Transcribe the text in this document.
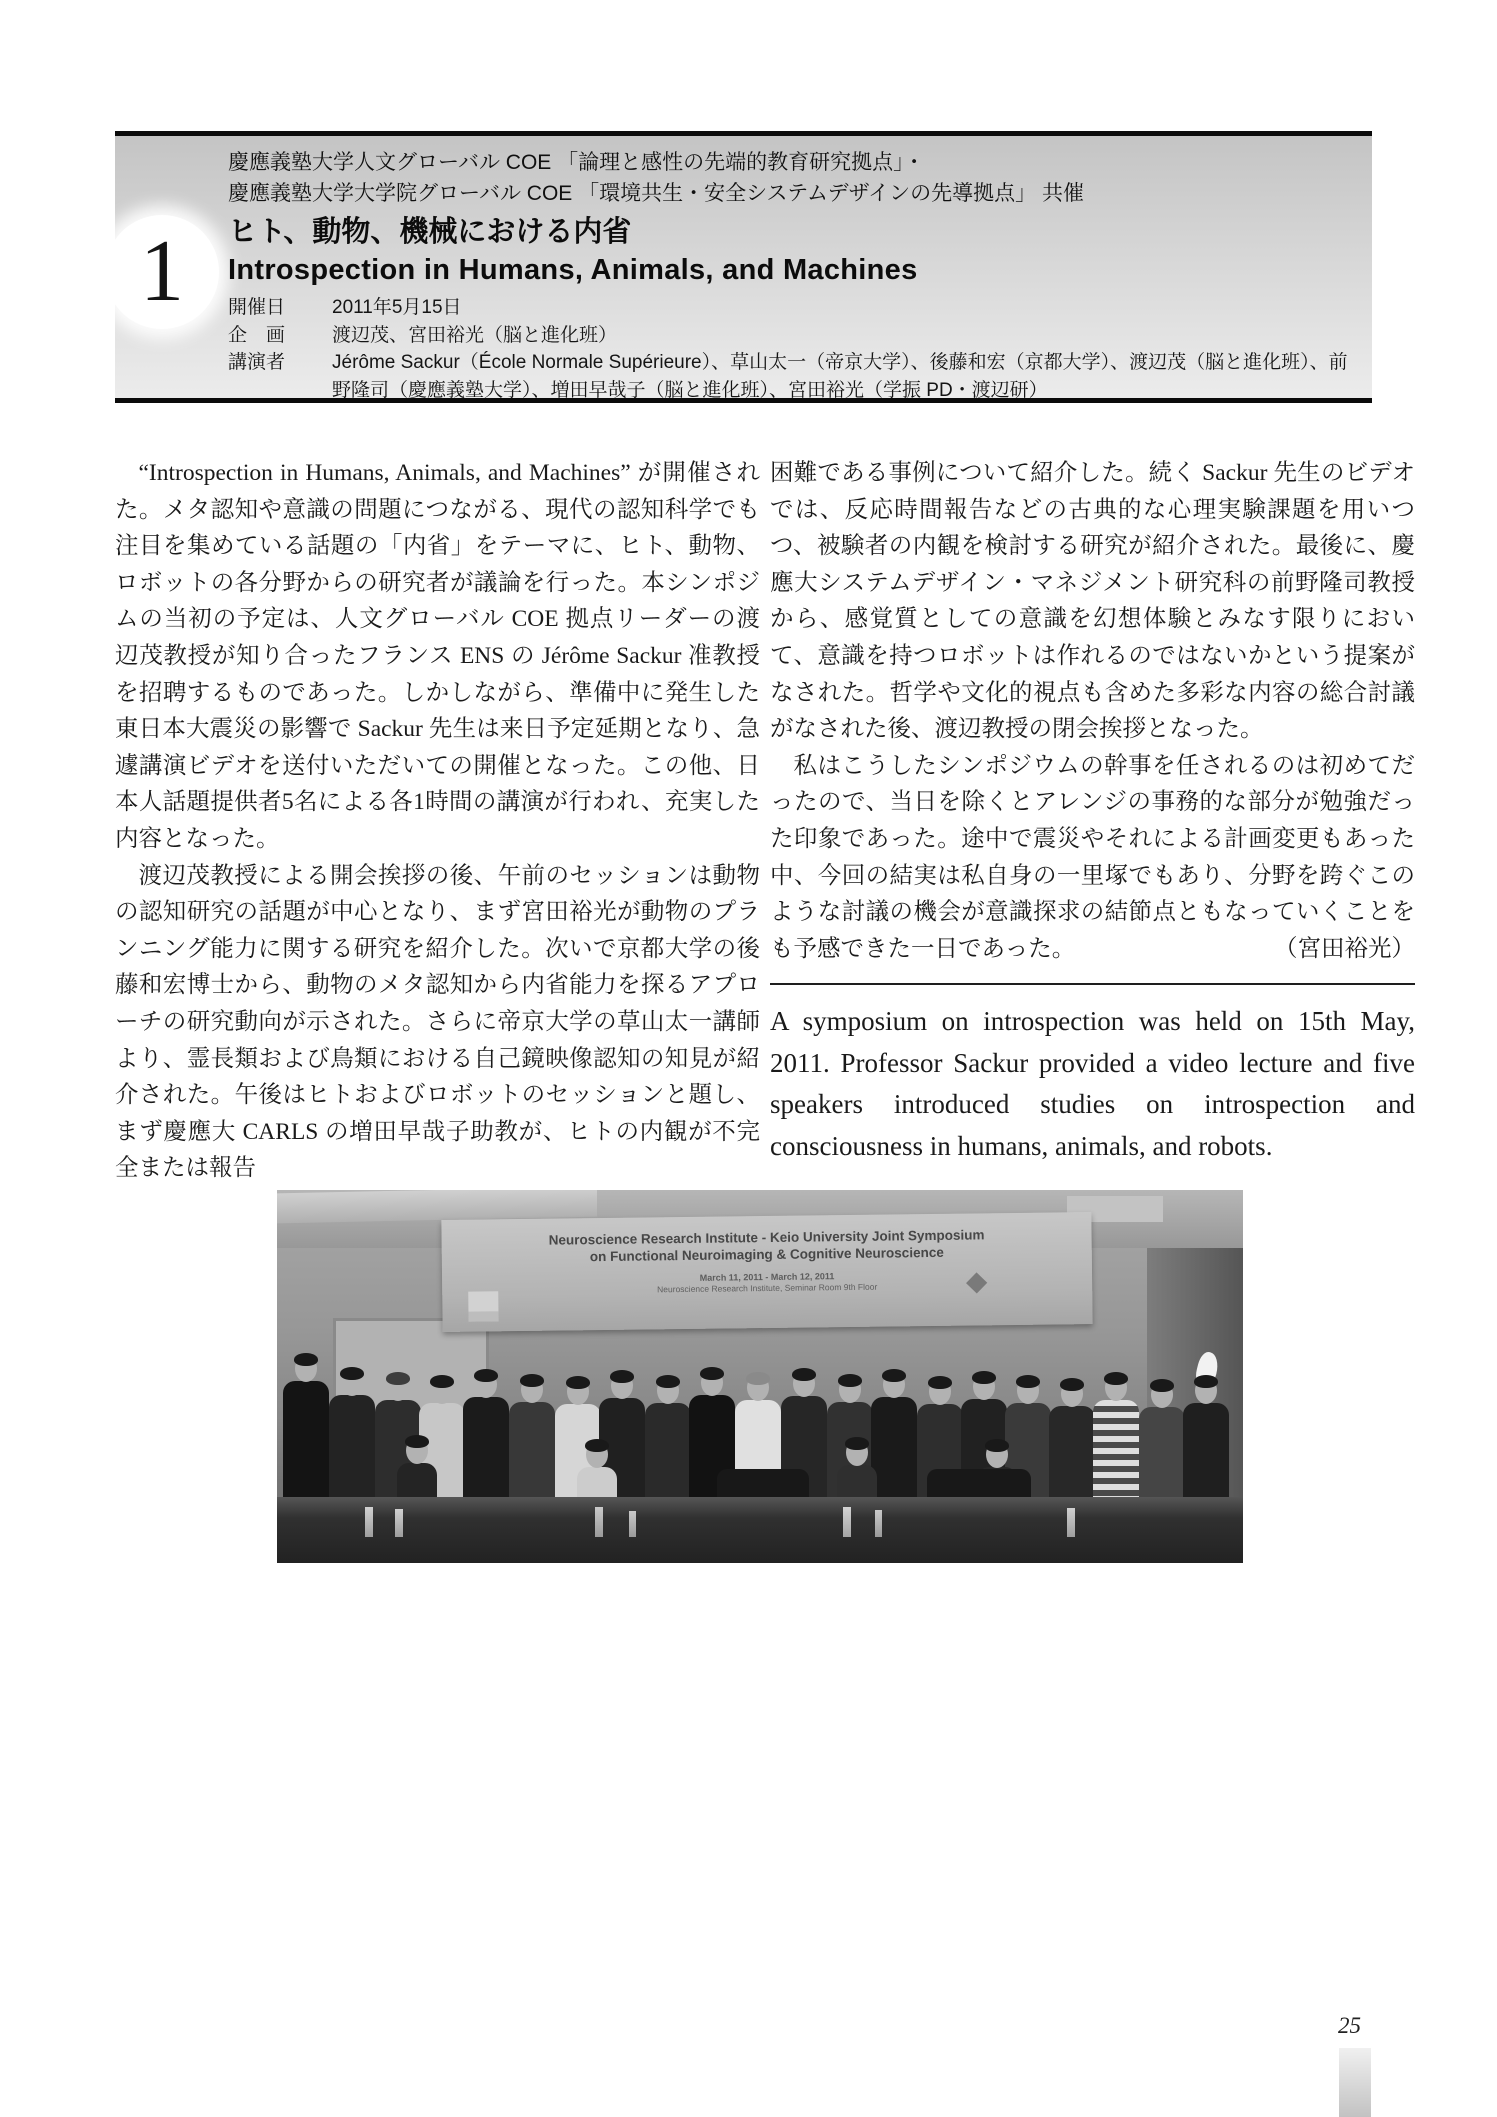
1
慶應義塾大学人文グローバル COE 「論理と感性の先端的教育研究拠点」・
慶應義塾大学大学院グローバル COE 「環境共生・安全システムデザインの先導拠点」 共催
ヒト、動物、機械における内省
Introspection in Humans, Animals, and Machines
開催日	2011年5月15日
企　画	渡辺茂、宮田裕光（脳と進化班）
講演者	Jérôme Sackur（École Normale Supérieure）、草山太一（帝京大学）、後藤和宏（京都大学）、渡辺茂（脳と進化班）、前野隆司（慶應義塾大学）、増田早哉子（脳と進化班）、宮田裕光（学振 PD・渡辺研）

“Introspection in Humans, Animals, and Machines” が開催された。メタ認知や意識の問題につながる、現代の認知科学でも注目を集めている話題の「内省」をテーマに、ヒト、動物、ロボットの各分野からの研究者が議論を行った。本シンポジムの当初の予定は、人文グローバル COE 拠点リーダーの渡辺茂教授が知り合ったフランス ENS の Jérôme Sackur 准教授を招聘するものであった。しかしながら、準備中に発生した東日本大震災の影響で Sackur 先生は来日予定延期となり、急遽講演ビデオを送付いただいての開催となった。この他、日本人話題提供者5名による各1時間の講演が行われ、充実した内容となった。

渡辺茂教授による開会挨拶の後、午前のセッションは動物の認知研究の話題が中心となり、まず宮田裕光が動物のプランニング能力に関する研究を紹介した。次いで京都大学の後藤和宏博士から、動物のメタ認知から内省能力を探るアプローチの研究動向が示された。さらに帝京大学の草山太一講師より、霊長類および鳥類における自己鏡映像認知の知見が紹介された。午後はヒトおよびロボットのセッションと題し、まず慶應大 CARLS の増田早哉子助教が、ヒトの内観が不完全または報告

困難である事例について紹介した。続く Sackur 先生のビデオでは、反応時間報告などの古典的な心理実験課題を用いつつ、被験者の内観を検討する研究が紹介された。最後に、慶應大システムデザイン・マネジメント研究科の前野隆司教授から、感覚質としての意識を幻想体験とみなす限りにおいて、意識を持つロボットは作れるのではないかという提案がなされた。哲学や文化的視点も含めた多彩な内容の総合討議がなされた後、渡辺教授の閉会挨拶となった。

私はこうしたシンポジウムの幹事を任されるのは初めてだったので、当日を除くとアレンジの事務的な部分が勉強だった印象であった。途中で震災やそれによる計画変更もあった中、今回の結実は私自身の一里塚でもあり、分野を跨ぐこのような討議の機会が意識探求の結節点ともなっていくことをも予感できた一日であった。	（宮田裕光）

A symposium on introspection was held on 15th May, 2011. Professor Sackur provided a video lecture and five speakers introduced studies on introspection and consciousness in humans, animals, and robots.

Neuroscience Research Institute - Keio University Joint Symposium
on Functional Neuroimaging & Cognitive Neuroscience
March 11, 2011 - March 12, 2011
Neuroscience Research Institute, Seminar Room 9th Floor
25
